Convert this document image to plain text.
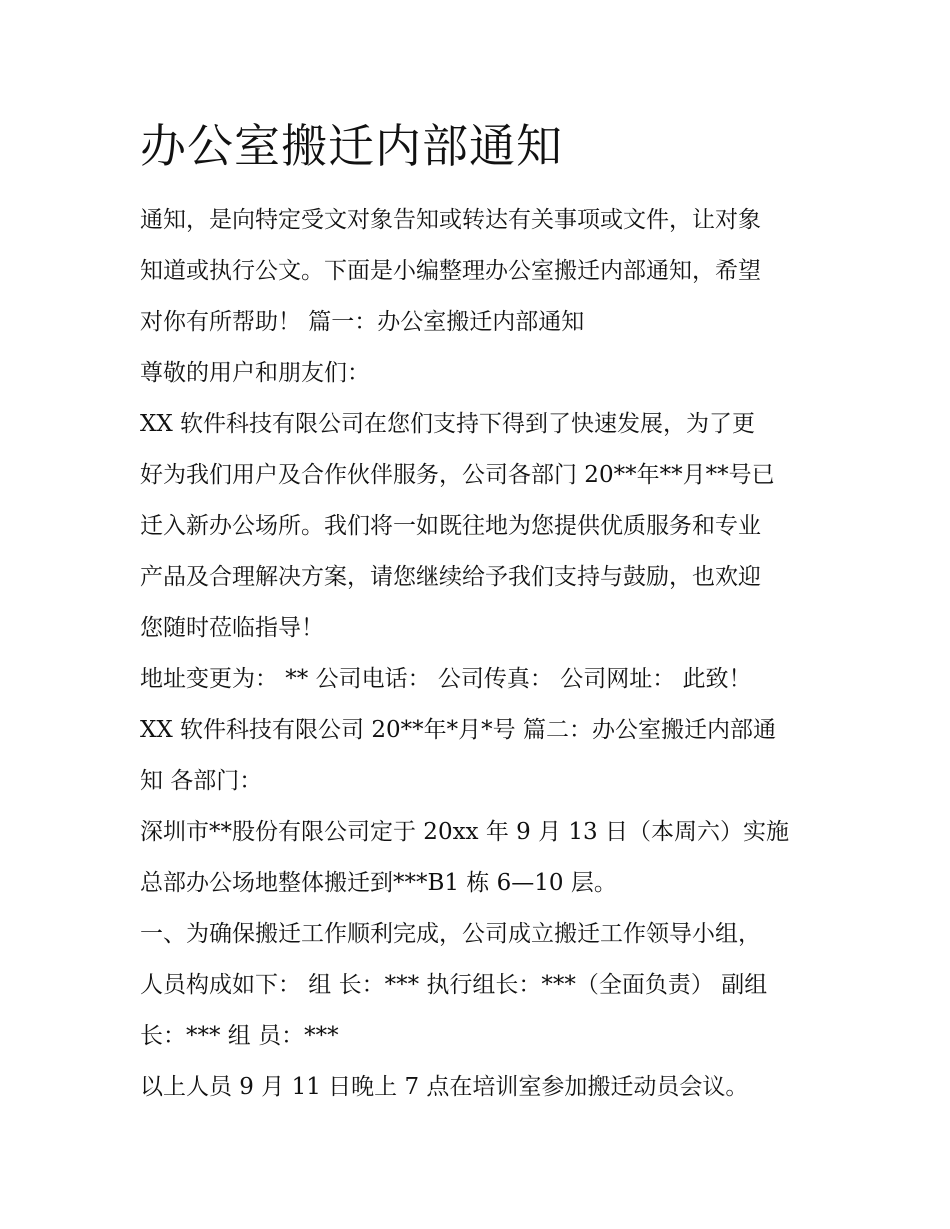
办公室搬迁内部通知
通知，是向特定受文对象告知或转达有关事项或文件，让对象
知道或执行公文。下面是小编整理办公室搬迁内部通知，希望
对你有所帮助！ 篇一：办公室搬迁内部通知
尊敬的用户和朋友们：
XX 软件科技有限公司在您们支持下得到了快速发展，为了更
好为我们用户及合作伙伴服务，公司各部门 20**年**月**号已
迁入新办公场所。我们将一如既往地为您提供优质服务和专业
产品及合理解决方案，请您继续给予我们支持与鼓励，也欢迎
您随时莅临指导！
地址变更为： ** 公司电话： 公司传真： 公司网址： 此致！
XX 软件科技有限公司 20**年*月*号 篇二：办公室搬迁内部通
知 各部门：
深圳市**股份有限公司定于 20xx 年 9 月 13 日（本周六）实施
总部办公场地整体搬迁到***B1 栋 6—10 层。
一、为确保搬迁工作顺利完成，公司成立搬迁工作领导小组，
人员构成如下： 组 长：*** 执行组长：***（全面负责） 副组
长：*** 组 员：***
以上人员 9 月 11 日晚上 7 点在培训室参加搬迁动员会议。
